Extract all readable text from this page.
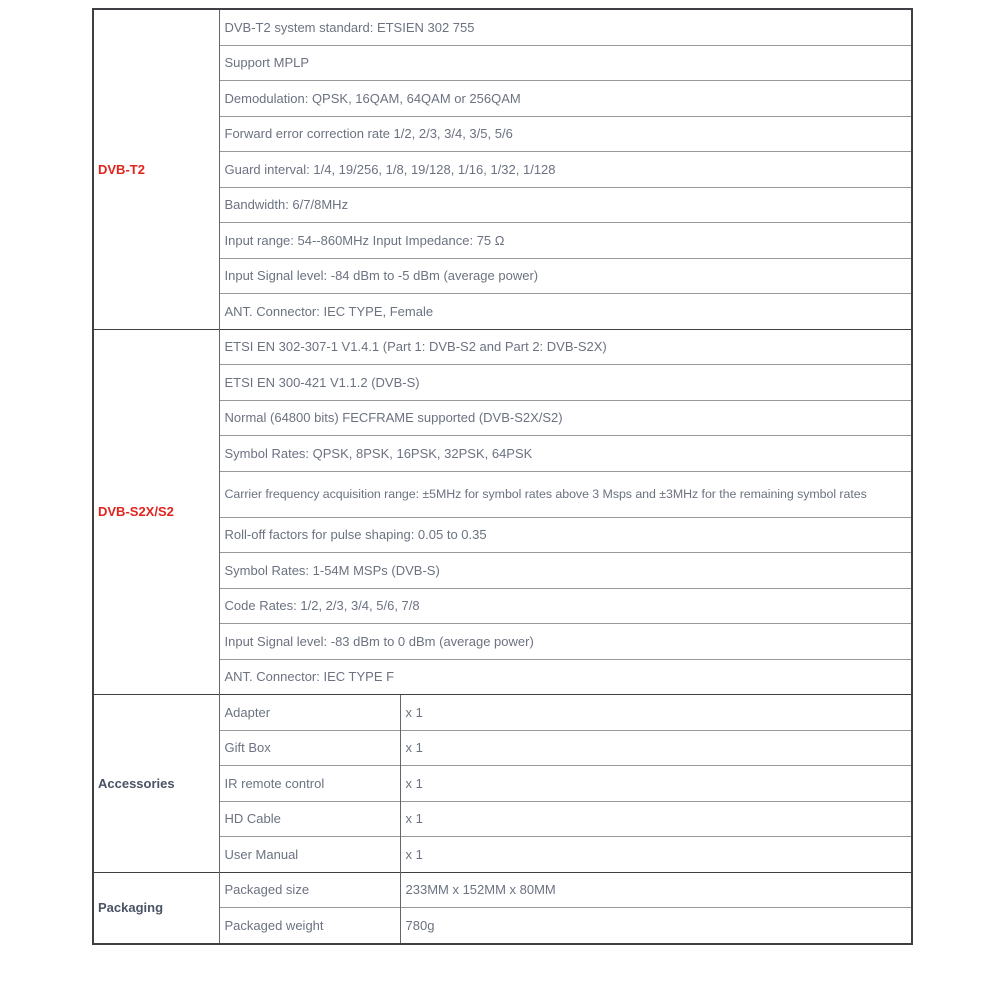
DVB-T2	DVB-T2 system standard: ETSIEN 302 755	
	Support MPLP	
	Demodulation: QPSK, 16QAM, 64QAM or 256QAM	
	Forward error correction rate 1/2, 2/3, 3/4, 3/5, 5/6	
	Guard interval: 1/4, 19/256, 1/8, 19/128, 1/16, 1/32, 1/128	
	Bandwidth: 6/7/8MHz	
	Input range: 54--860MHz Input Impedance: 75 Ω	
	Input Signal level: -84 dBm to -5 dBm (average power)	
	ANT. Connector: IEC TYPE, Female	
DVB-S2X/S2	ETSI EN 302-307-1 V1.4.1 (Part 1: DVB-S2 and Part 2: DVB-S2X)	
	ETSI EN 300-421 V1.1.2 (DVB-S)	
	Normal (64800 bits) FECFRAME supported (DVB-S2X/S2)	
	Symbol Rates: QPSK, 8PSK, 16PSK, 32PSK, 64PSK	
	Carrier frequency acquisition range: ±5MHz for symbol rates above 3 Msps and ±3MHz for the remaining symbol rates	
	Roll-off factors for pulse shaping: 0.05 to 0.35	
	Symbol Rates: 1-54M MSPs (DVB-S)	
	Code Rates: 1/2, 2/3, 3/4, 5/6, 7/8	
	Input Signal level: -83 dBm to 0 dBm (average power)	
	ANT. Connector: IEC TYPE F	
Accessories	Adapter	x 1
	Gift Box	x 1
	IR remote control	x 1
	HD Cable	x 1
	User Manual	x 1
Packaging	Packaged size	233MM x 152MM x 80MM
	Packaged weight	780g
